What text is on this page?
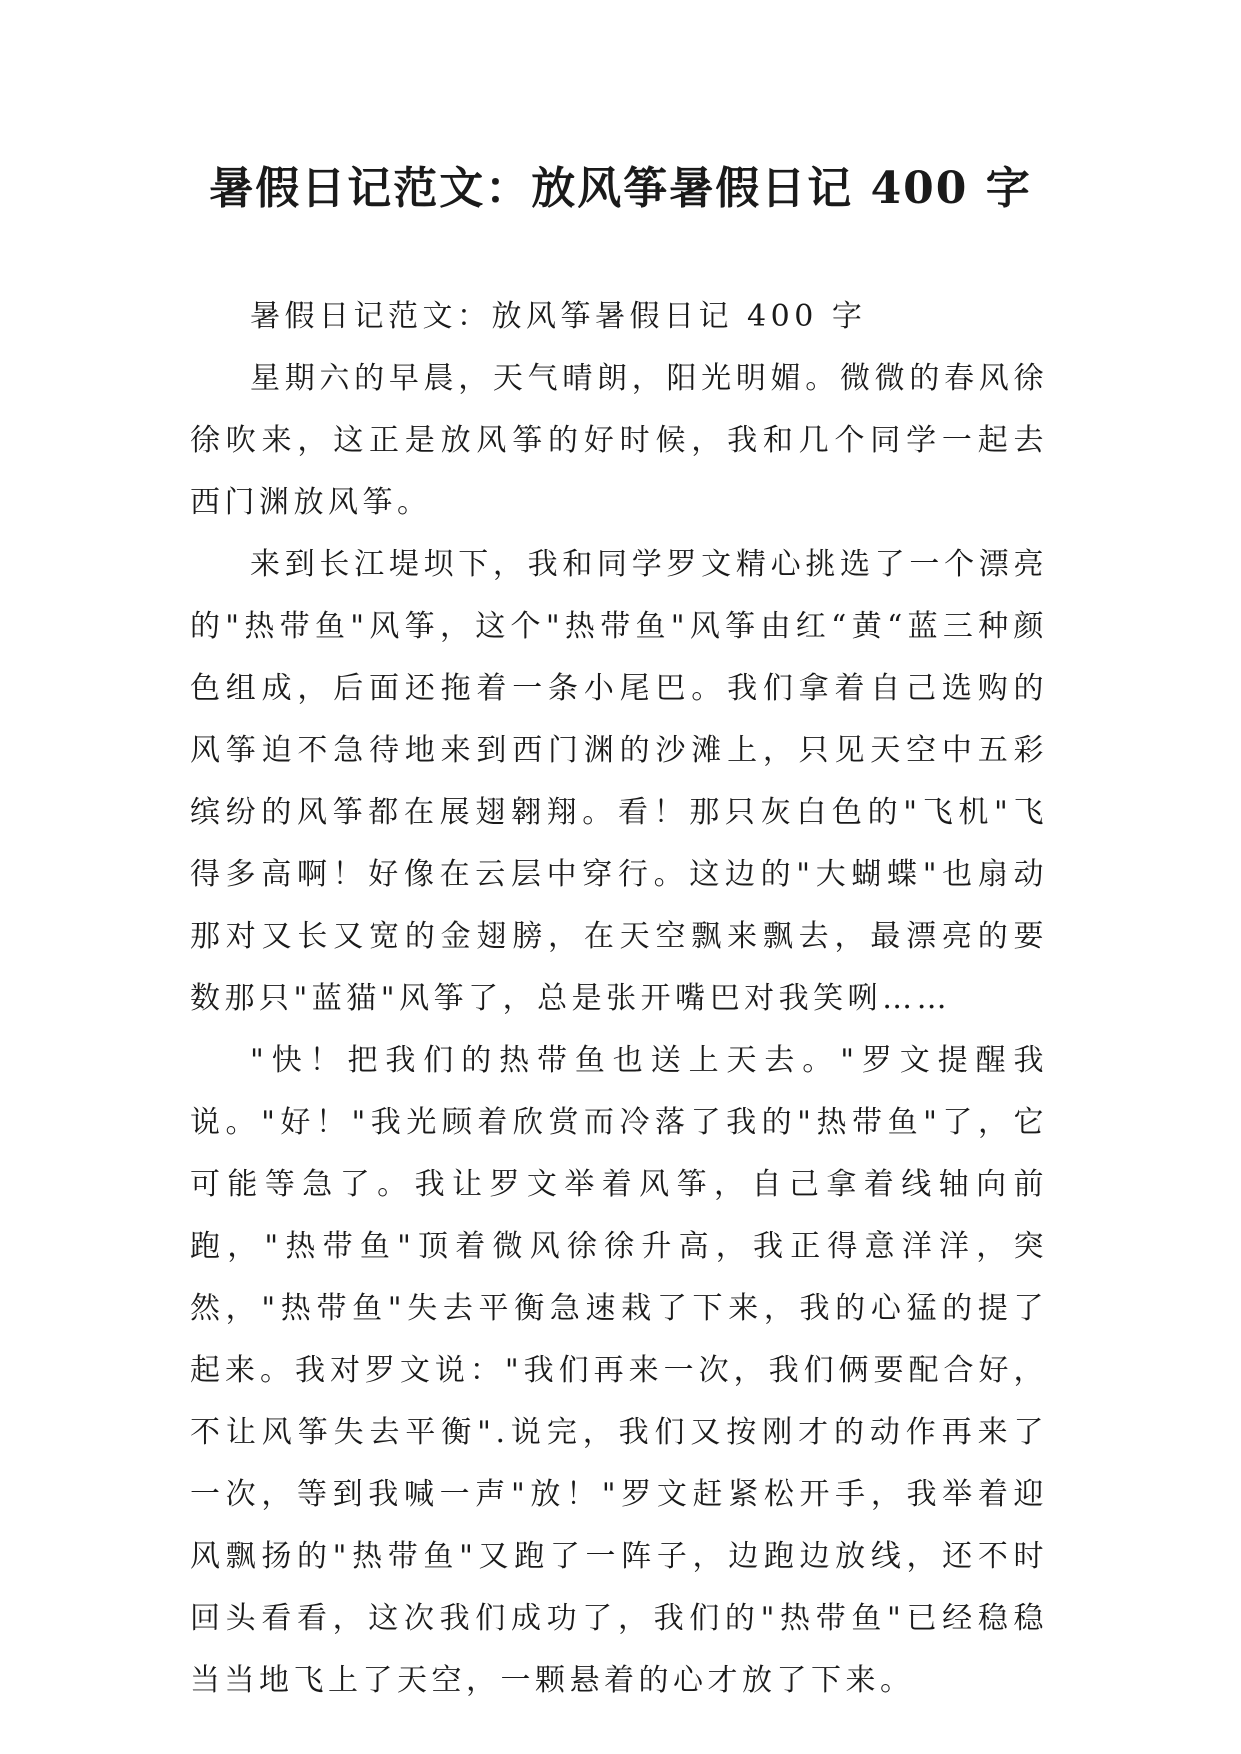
暑假日记范文：放风筝暑假日记 400 字

暑假日记范文：放风筝暑假日记 400 字

星期六的早晨，天气晴朗，阳光明媚。微微的春风徐徐吹来，这正是放风筝的好时候，我和几个同学一起去西门渊放风筝。

来到长江堤坝下，我和同学罗文精心挑选了一个漂亮的"热带鱼"风筝，这个"热带鱼"风筝由红“黄“蓝三种颜色组成，后面还拖着一条小尾巴。我们拿着自己选购的风筝迫不急待地来到西门渊的沙滩上，只见天空中五彩缤纷的风筝都在展翅翱翔。看！那只灰白色的"飞机"飞得多高啊！好像在云层中穿行。这边的"大蝴蝶"也扇动那对又长又宽的金翅膀，在天空飘来飘去，最漂亮的要数那只"蓝猫"风筝了，总是张开嘴巴对我笑咧……

"快！把我们的热带鱼也送上天去。"罗文提醒我说。"好！"我光顾着欣赏而冷落了我的"热带鱼"了，它可能等急了。我让罗文举着风筝，自己拿着线轴向前跑，"热带鱼"顶着微风徐徐升高，我正得意洋洋，突然，"热带鱼"失去平衡急速栽了下来，我的心猛的提了起来。我对罗文说："我们再来一次，我们俩要配合好，不让风筝失去平衡".说完，我们又按刚才的动作再来了一次，等到我喊一声"放！"罗文赶紧松开手，我举着迎风飘扬的"热带鱼"又跑了一阵子，边跑边放线，还不时回头看看，这次我们成功了，我们的"热带鱼"已经稳稳当当地飞上了天空，一颗悬着的心才放了下来。
